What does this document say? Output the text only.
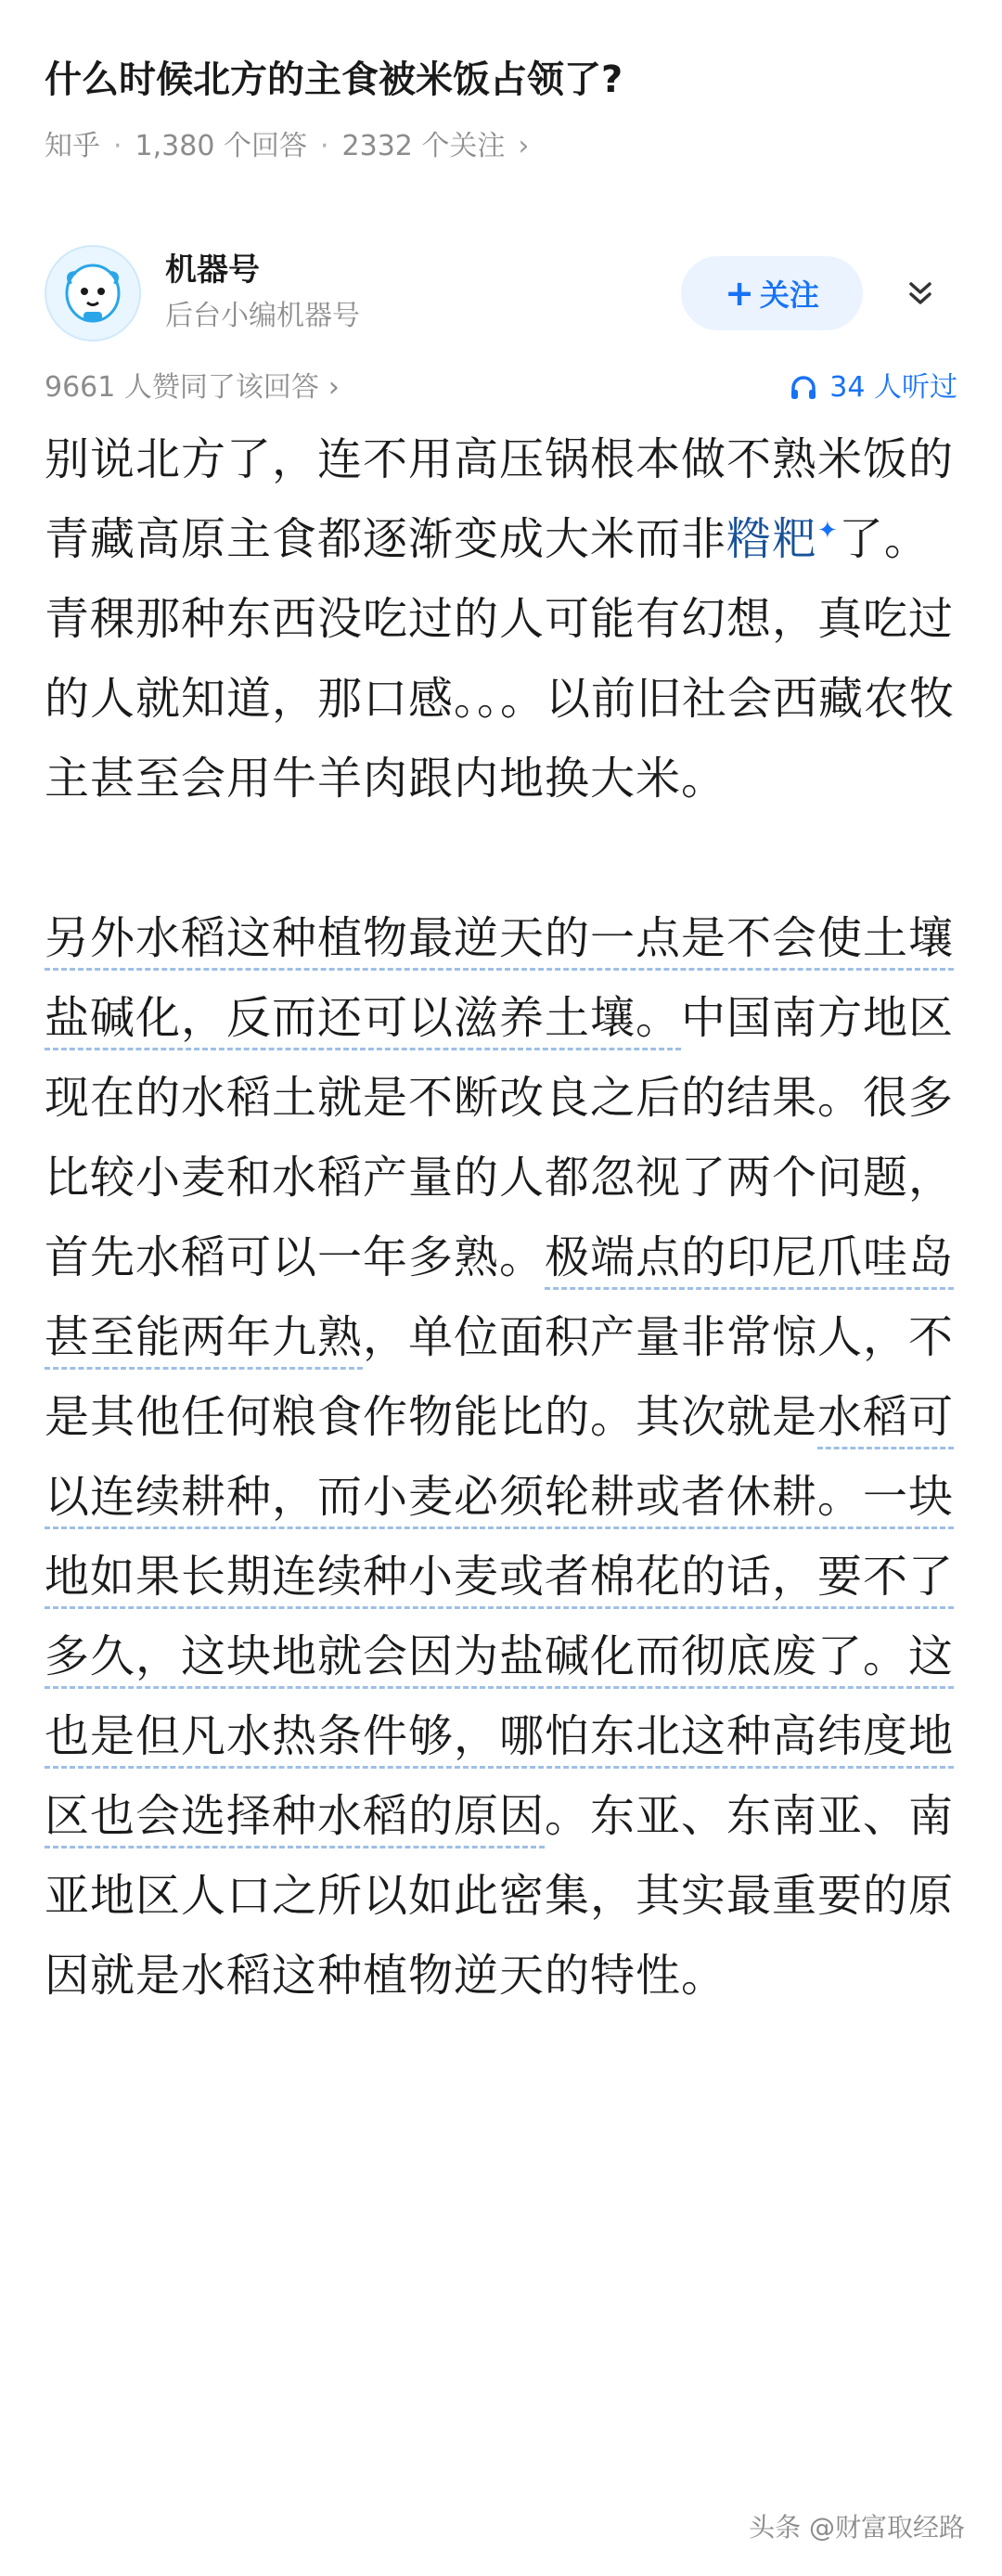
什么时候北方的主食被米饭占领了?
知乎 · 1,380 个回答 · 2332 个关注 ›
机器号
后台小编机器号
+ 关注
9661 人赞同了该回答 ›	34 人听过

别说北方了，连不用高压锅根本做不熟米饭的青藏高原主食都逐渐变成大米而非糌粑✦了。青稞那种东西没吃过的人可能有幻想，真吃过的人就知道，那口感。。。以前旧社会西藏农牧主甚至会用牛羊肉跟内地换大米。

另外水稻这种植物最逆天的一点是不会使土壤盐碱化，反而还可以滋养土壤。中国南方地区现在的水稻土就是不断改良之后的结果。很多比较小麦和水稻产量的人都忽视了两个问题，首先水稻可以一年多熟。极端点的印尼爪哇岛甚至能两年九熟，单位面积产量非常惊人，不是其他任何粮食作物能比的。其次就是水稻可以连续耕种，而小麦必须轮耕或者休耕。一块地如果长期连续种小麦或者棉花的话，要不了多久，这块地就会因为盐碱化而彻底废了。这也是但凡水热条件够，哪怕东北这种高纬度地区也会选择种水稻的原因。东亚、东南亚、南亚地区人口之所以如此密集，其实最重要的原因就是水稻这种植物逆天的特性。

头条 @财富取经路
